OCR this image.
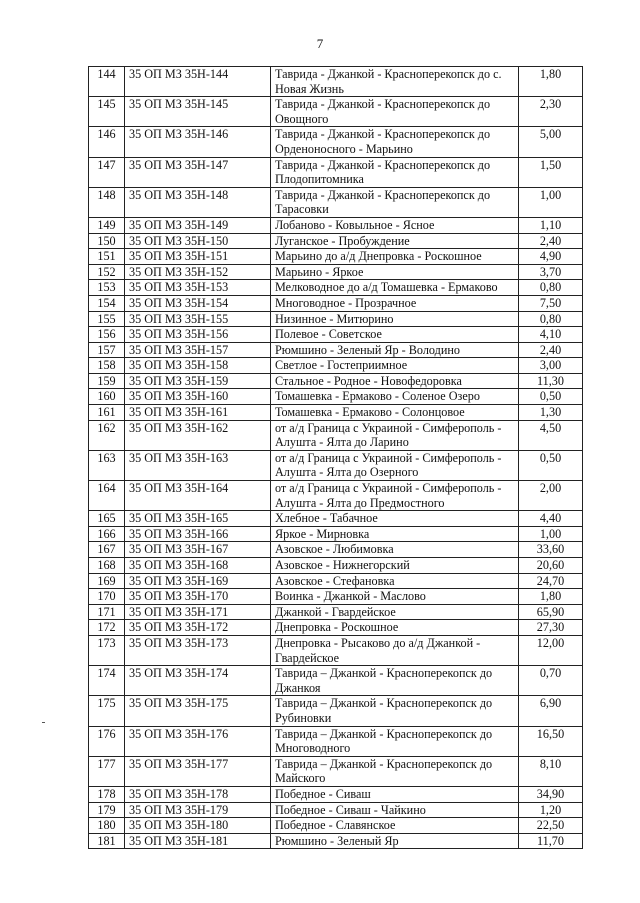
7
144	35 ОП МЗ 35Н-144	Таврида - Джанкой - Красноперекопск до с. Новая Жизнь	1,80
145	35 ОП МЗ 35Н-145	Таврида - Джанкой - Красноперекопск до Овощного	2,30
146	35 ОП МЗ 35Н-146	Таврида - Джанкой - Красноперекопск до Орденоносного - Марьино	5,00
147	35 ОП МЗ 35Н-147	Таврида - Джанкой - Красноперекопск до Плодопитомника	1,50
148	35 ОП МЗ 35Н-148	Таврида - Джанкой - Красноперекопск до Тарасовки	1,00
149	35 ОП МЗ 35Н-149	Лобаново - Ковыльное - Ясное	1,10
150	35 ОП МЗ 35Н-150	Луганское - Пробуждение	2,40
151	35 ОП МЗ 35Н-151	Марьино до а/д Днепровка - Роскошное	4,90
152	35 ОП МЗ 35Н-152	Марьино - Яркое	3,70
153	35 ОП МЗ 35Н-153	Мелководное до а/д Томашевка - Ермаково	0,80
154	35 ОП МЗ 35Н-154	Многоводное - Прозрачное	7,50
155	35 ОП МЗ 35Н-155	Низинное - Митюрино	0,80
156	35 ОП МЗ 35Н-156	Полевое - Советское	4,10
157	35 ОП МЗ 35Н-157	Рюмшино - Зеленый Яр - Володино	2,40
158	35 ОП МЗ 35Н-158	Светлое - Гостеприимное	3,00
159	35 ОП МЗ 35Н-159	Стальное - Родное - Новофедоровка	11,30
160	35 ОП МЗ 35Н-160	Томашевка - Ермаково - Соленое Озеро	0,50
161	35 ОП МЗ 35Н-161	Томашевка - Ермаково - Солонцовое	1,30
162	35 ОП МЗ 35Н-162	от а/д Граница с Украиной - Симферополь - Алушта - Ялта до Ларино	4,50
163	35 ОП МЗ 35Н-163	от а/д Граница с Украиной - Симферополь - Алушта - Ялта до Озерного	0,50
164	35 ОП МЗ 35Н-164	от а/д Граница с Украиной - Симферополь - Алушта - Ялта до Предмостного	2,00
165	35 ОП МЗ 35Н-165	Хлебное - Табачное	4,40
166	35 ОП МЗ 35Н-166	Яркое - Мирновка	1,00
167	35 ОП МЗ 35Н-167	Азовское - Любимовка	33,60
168	35 ОП МЗ 35Н-168	Азовское - Нижнегорский	20,60
169	35 ОП МЗ 35Н-169	Азовское - Стефановка	24,70
170	35 ОП МЗ 35Н-170	Воинка - Джанкой - Маслово	1,80
171	35 ОП МЗ 35Н-171	Джанкой - Гвардейское	65,90
172	35 ОП МЗ 35Н-172	Днепровка - Роскошное	27,30
173	35 ОП МЗ 35Н-173	Днепровка - Рысаково до а/д Джанкой - Гвардейское	12,00
174	35 ОП МЗ 35Н-174	Таврида – Джанкой - Красноперекопск до Джанкоя	0,70
175	35 ОП МЗ 35Н-175	Таврида – Джанкой - Красноперекопск до Рубиновки	6,90
176	35 ОП МЗ 35Н-176	Таврида – Джанкой - Красноперекопск до Многоводного	16,50
177	35 ОП МЗ 35Н-177	Таврида – Джанкой - Красноперекопск до Майского	8,10
178	35 ОП МЗ 35Н-178	Победное - Сиваш	34,90
179	35 ОП МЗ 35Н-179	Победное - Сиваш - Чайкино	1,20
180	35 ОП МЗ 35Н-180	Победное - Славянское	22,50
181	35 ОП МЗ 35Н-181	Рюмшино - Зеленый Яр	11,70
